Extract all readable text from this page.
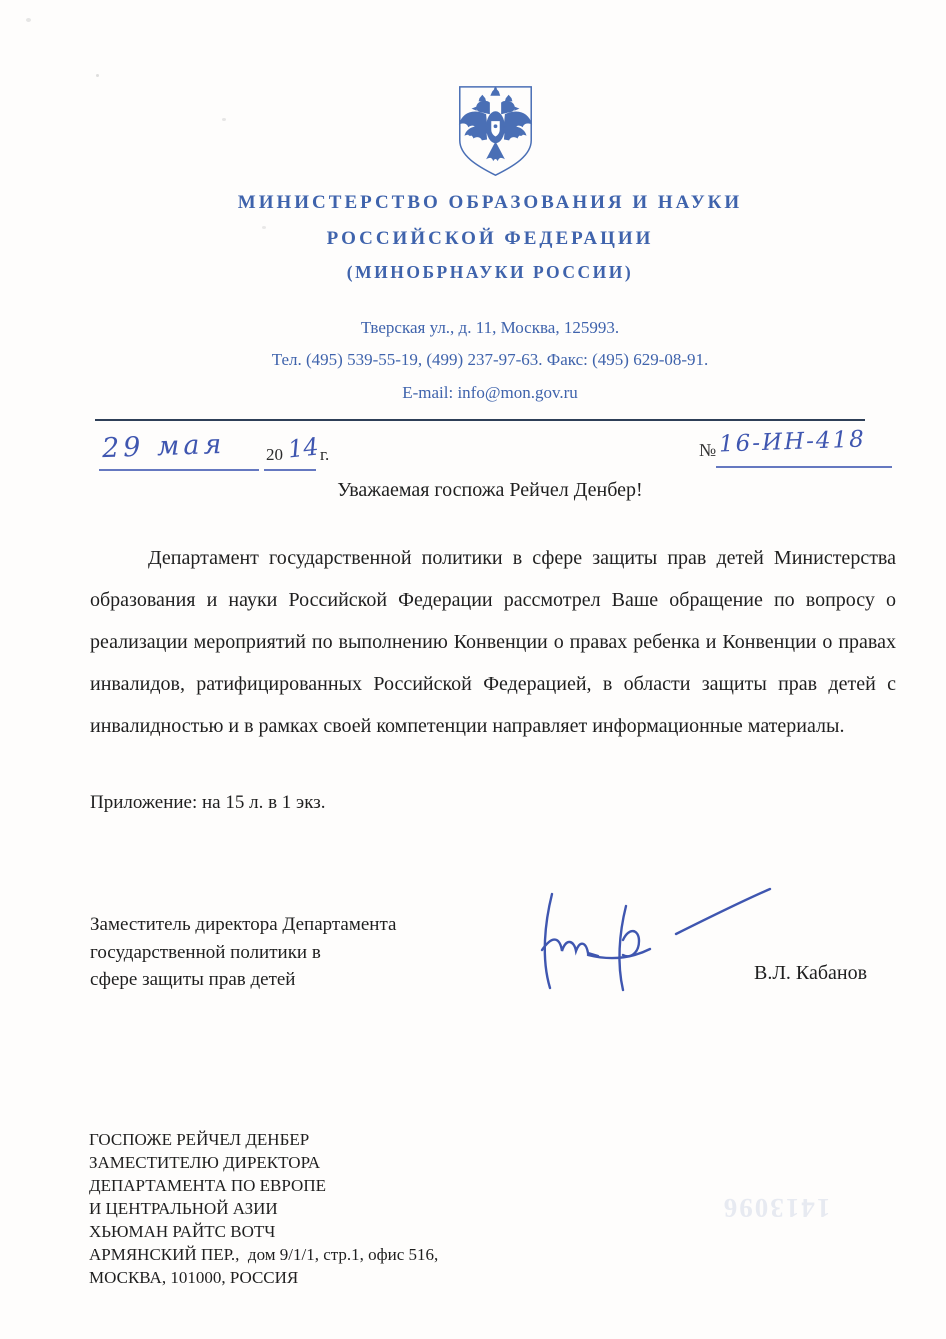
МИНИСТЕРСТВО ОБРАЗОВАНИЯ И НАУКИ
РОССИЙСКОЙ ФЕДЕРАЦИИ
(МИНОБРНАУКИ РОССИИ)
Тверская ул., д. 11, Москва, 125993.
Тел. (495) 539-55-19, (499) 237-97-63. Факс: (495) 629-08-91.
E-mail: info@mon.gov.ru
29 мая 20 14 г.	№ 16-ИН-418
Уважаемая госпожа Рейчел Денбер!
Департамент государственной политики в сфере защиты прав детей Министерства образования и науки Российской Федерации рассмотрел Ваше обращение по вопросу о реализации мероприятий по выполнению Конвенции о правах ребенка и Конвенции о правах инвалидов, ратифицированных Российской Федерацией, в области защиты прав детей с инвалидностью и в рамках своей компетенции направляет информационные материалы.
Приложение: на 15 л. в 1 экз.
Заместитель директора Департамента
государственной политики в
сфере защиты прав детей	В.Л. Кабанов
ГОСПОЖЕ РЕЙЧЕЛ ДЕНБЕР
ЗАМЕСТИТЕЛЮ ДИРЕКТОРА
ДЕПАРТАМЕНТА ПО ЕВРОПЕ
И ЦЕНТРАЛЬНОЙ АЗИИ
ХЬЮМАН РАЙТС ВОТЧ
АРМЯНСКИЙ ПЕР.,  дом 9/1/1, стр.1, офис 516,
МОСКВА, 101000, РОССИЯ
1413096
